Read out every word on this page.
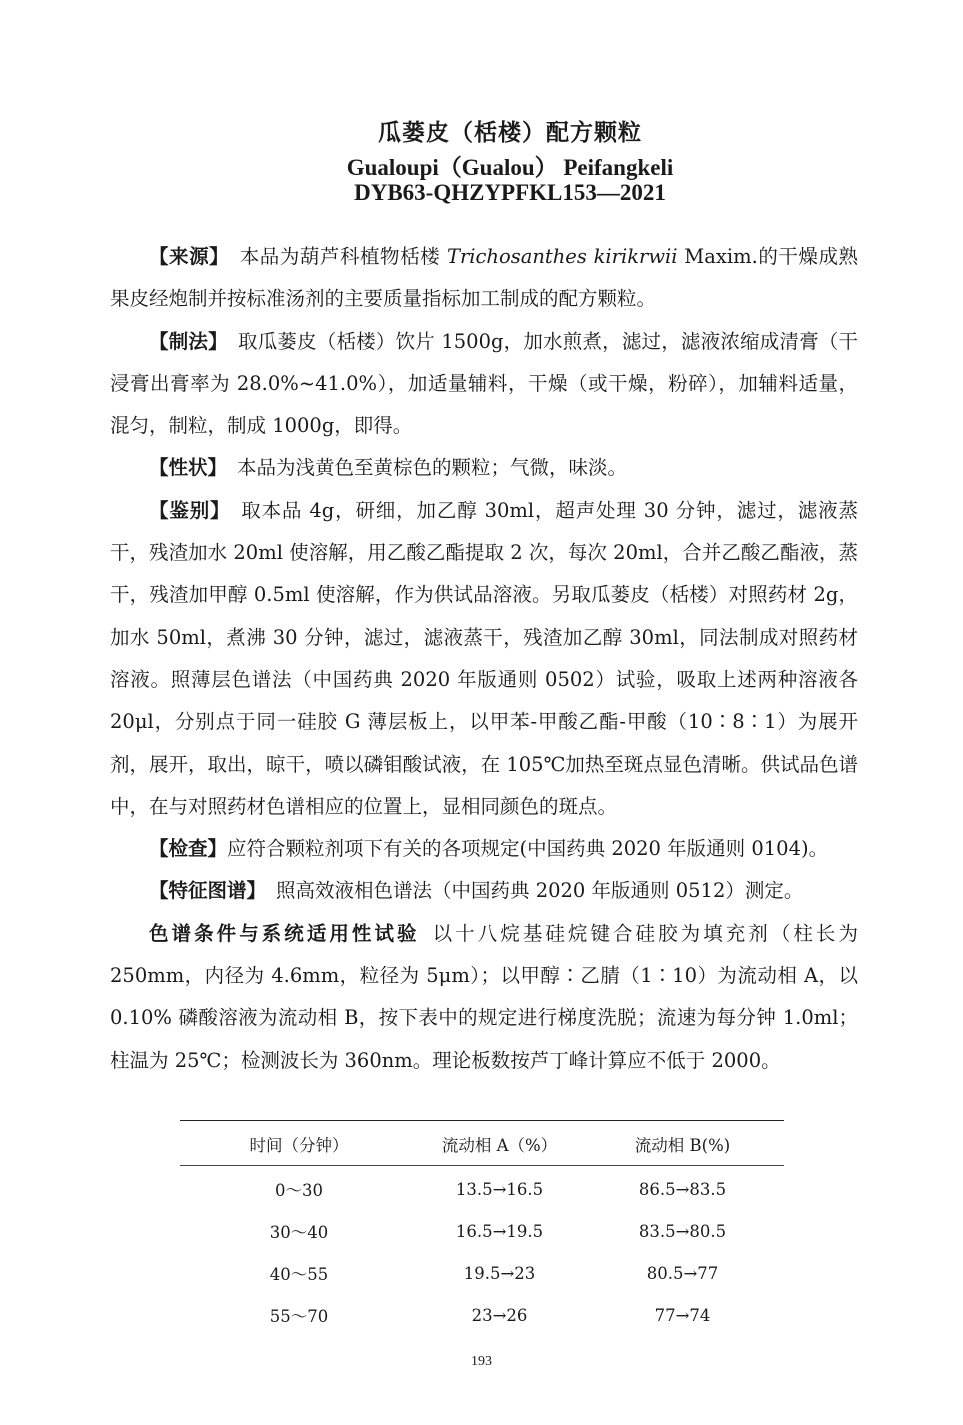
瓜蒌皮（栝楼）配方颗粒
Gualoupi（Gualou） Peifangkeli
DYB63-QHZYPFKL153—2021

【来源】 本品为葫芦科植物栝楼 Trichosanthes kirikrwii Maxim.的干燥成熟果皮经炮制并按标准汤剂的主要质量指标加工制成的配方颗粒。

【制法】 取瓜蒌皮（栝楼）饮片 1500g，加水煎煮，滤过，滤液浓缩成清膏（干浸膏出膏率为 28.0%~41.0%），加适量辅料，干燥（或干燥，粉碎），加辅料适量，混匀，制粒，制成 1000g，即得。

【性状】 本品为浅黄色至黄棕色的颗粒；气微，味淡。

【鉴别】 取本品 4g，研细，加乙醇 30ml，超声处理 30 分钟，滤过，滤液蒸干，残渣加水 20ml 使溶解，用乙酸乙酯提取 2 次，每次 20ml，合并乙酸乙酯液，蒸干，残渣加甲醇 0.5ml 使溶解，作为供试品溶液。另取瓜蒌皮（栝楼）对照药材 2g，加水 50ml，煮沸 30 分钟，滤过，滤液蒸干，残渣加乙醇 30ml，同法制成对照药材溶液。照薄层色谱法（中国药典 2020 年版通则 0502）试验，吸取上述两种溶液各 20μl，分别点于同一硅胶 G 薄层板上，以甲苯-甲酸乙酯-甲酸（10∶8∶1）为展开剂，展开，取出，晾干，喷以磷钼酸试液，在 105℃加热至斑点显色清晰。供试品色谱中，在与对照药材色谱相应的位置上，显相同颜色的斑点。

【检查】应符合颗粒剂项下有关的各项规定(中国药典 2020 年版通则 0104)。

【特征图谱】 照高效液相色谱法（中国药典 2020 年版通则 0512）测定。

色谱条件与系统适用性试验 以十八烷基硅烷键合硅胶为填充剂（柱长为 250mm，内径为 4.6mm，粒径为 5μm）；以甲醇∶乙腈（1∶10）为流动相 A，以 0.10% 磷酸溶液为流动相 B，按下表中的规定进行梯度洗脱；流速为每分钟 1.0ml；柱温为 25℃；检测波长为 360nm。理论板数按芦丁峰计算应不低于 2000。

时间（分钟）	流动相 A（%）	流动相 B(%)
0～30	13.5→16.5	86.5→83.5
30～40	16.5→19.5	83.5→80.5
40～55	19.5→23	80.5→77
55～70	23→26	77→74
193
